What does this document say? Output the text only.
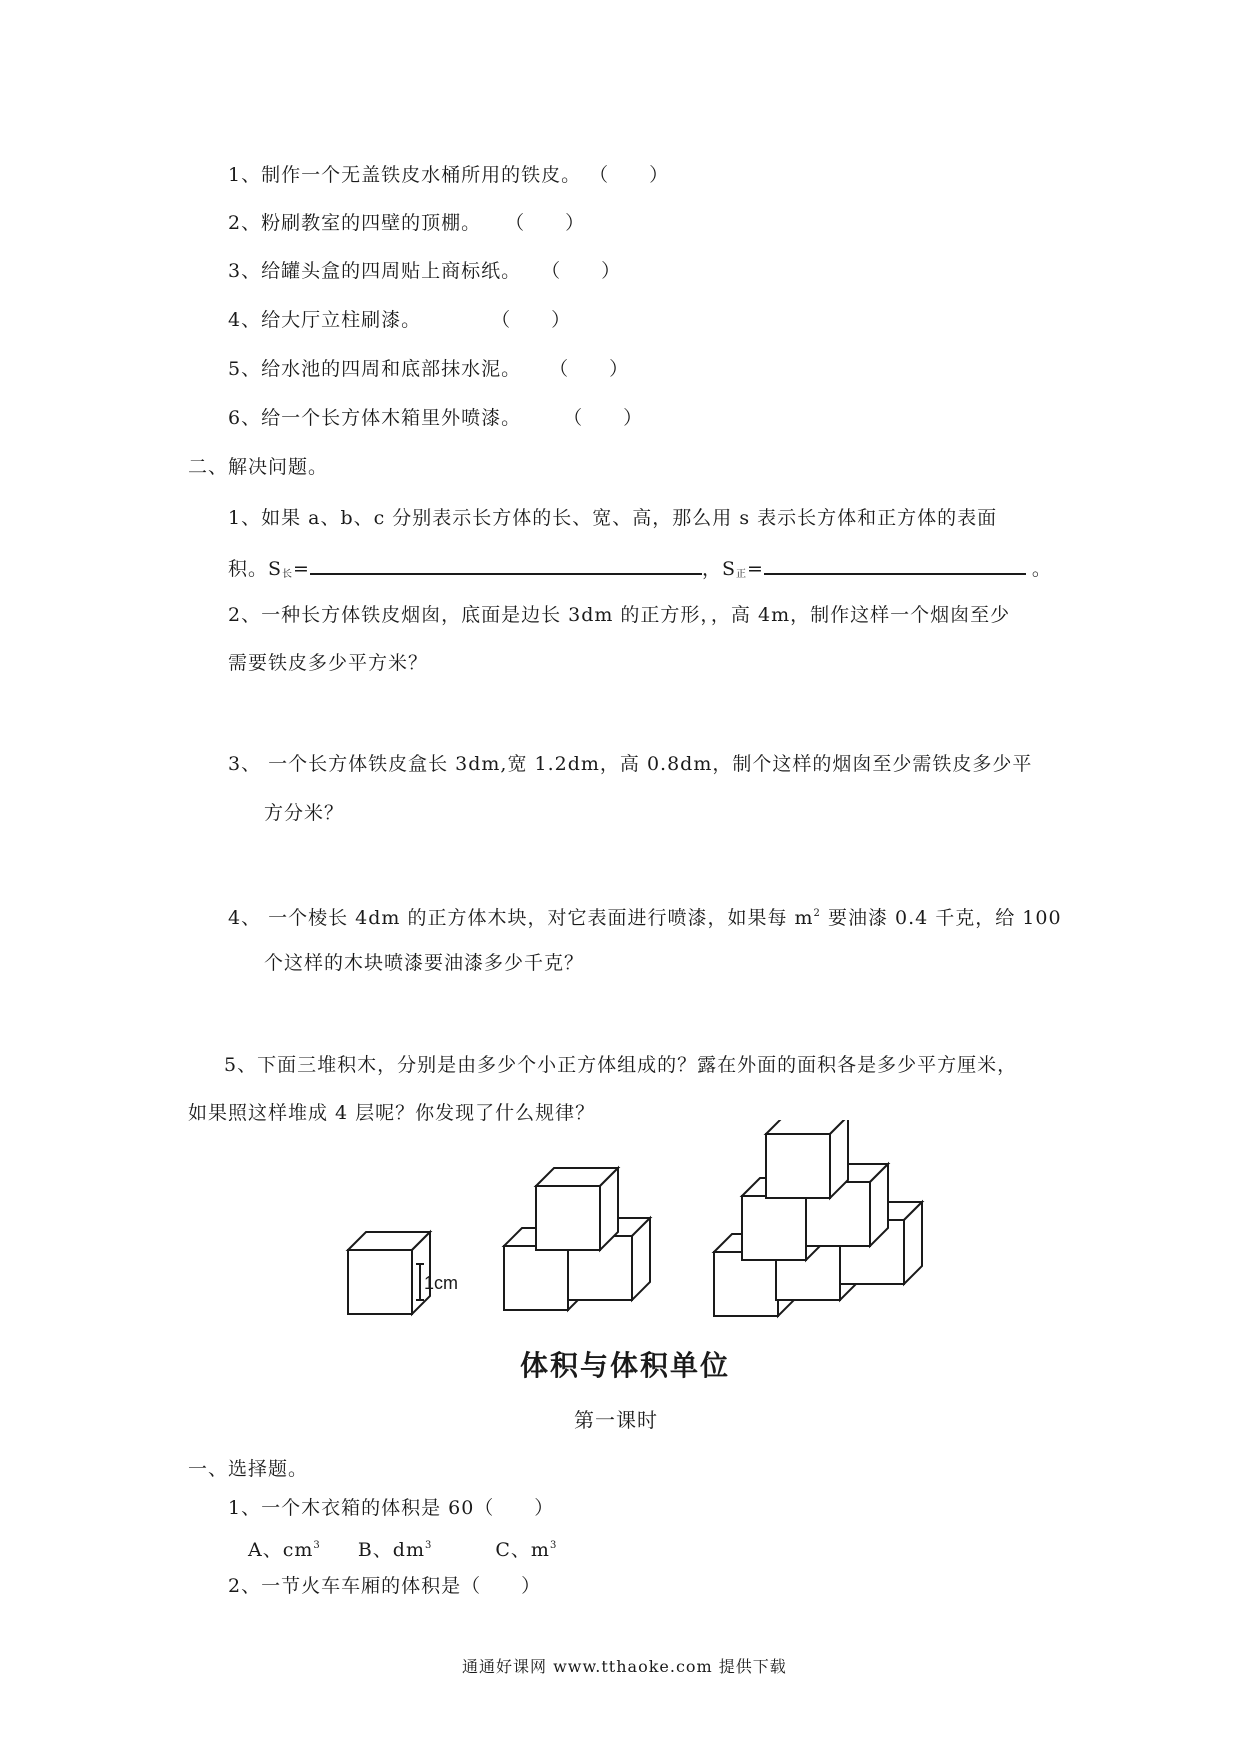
1、制作一个无盖铁皮水桶所用的铁皮。 （　　）
2、粉刷教室的四壁的顶棚。 （　　）
3、给罐头盒的四周贴上商标纸。 （　　）
4、给大厅立柱刷漆。	（　　）
5、给水池的四周和底部抹水泥。 （　　）
6、给一个长方体木箱里外喷漆。 （　　）
二、解决问题。
1、如果 a、b、c 分别表示长方体的长、宽、高，那么用 s 表示长方体和正方体的表面
积。$S_长=$	，$S_正=$	。
2、一种长方体铁皮烟囱，底面是边长 3dm 的正方形，，高 4m，制作这样一个烟囱至少
需要铁皮多少平方米？
3、 一个长方体铁皮盒长 3dm,宽 1.2dm，高 0.8dm，制个这样的烟囱至少需铁皮多少平
方分米？
4、 一个棱长 4dm 的正方体木块，对它表面进行喷漆，如果每 $m^2$ 要油漆 0.4 千克，给 100
个这样的木块喷漆要油漆多少千克？
5、下面三堆积木，分别是由多少个小正方体组成的？露在外面的面积各是多少平方厘米，
如果照这样堆成 4 层呢？你发现了什么规律？
1cm
体积与体积单位
第一课时
一、选择题。
1、一个木衣箱的体积是 60（　　）
A、$cm^3$ B、$dm^3$	C、$m^3$
2、一节火车车厢的体积是（　　）
通通好课网 www.tthaoke.com 提供下载
